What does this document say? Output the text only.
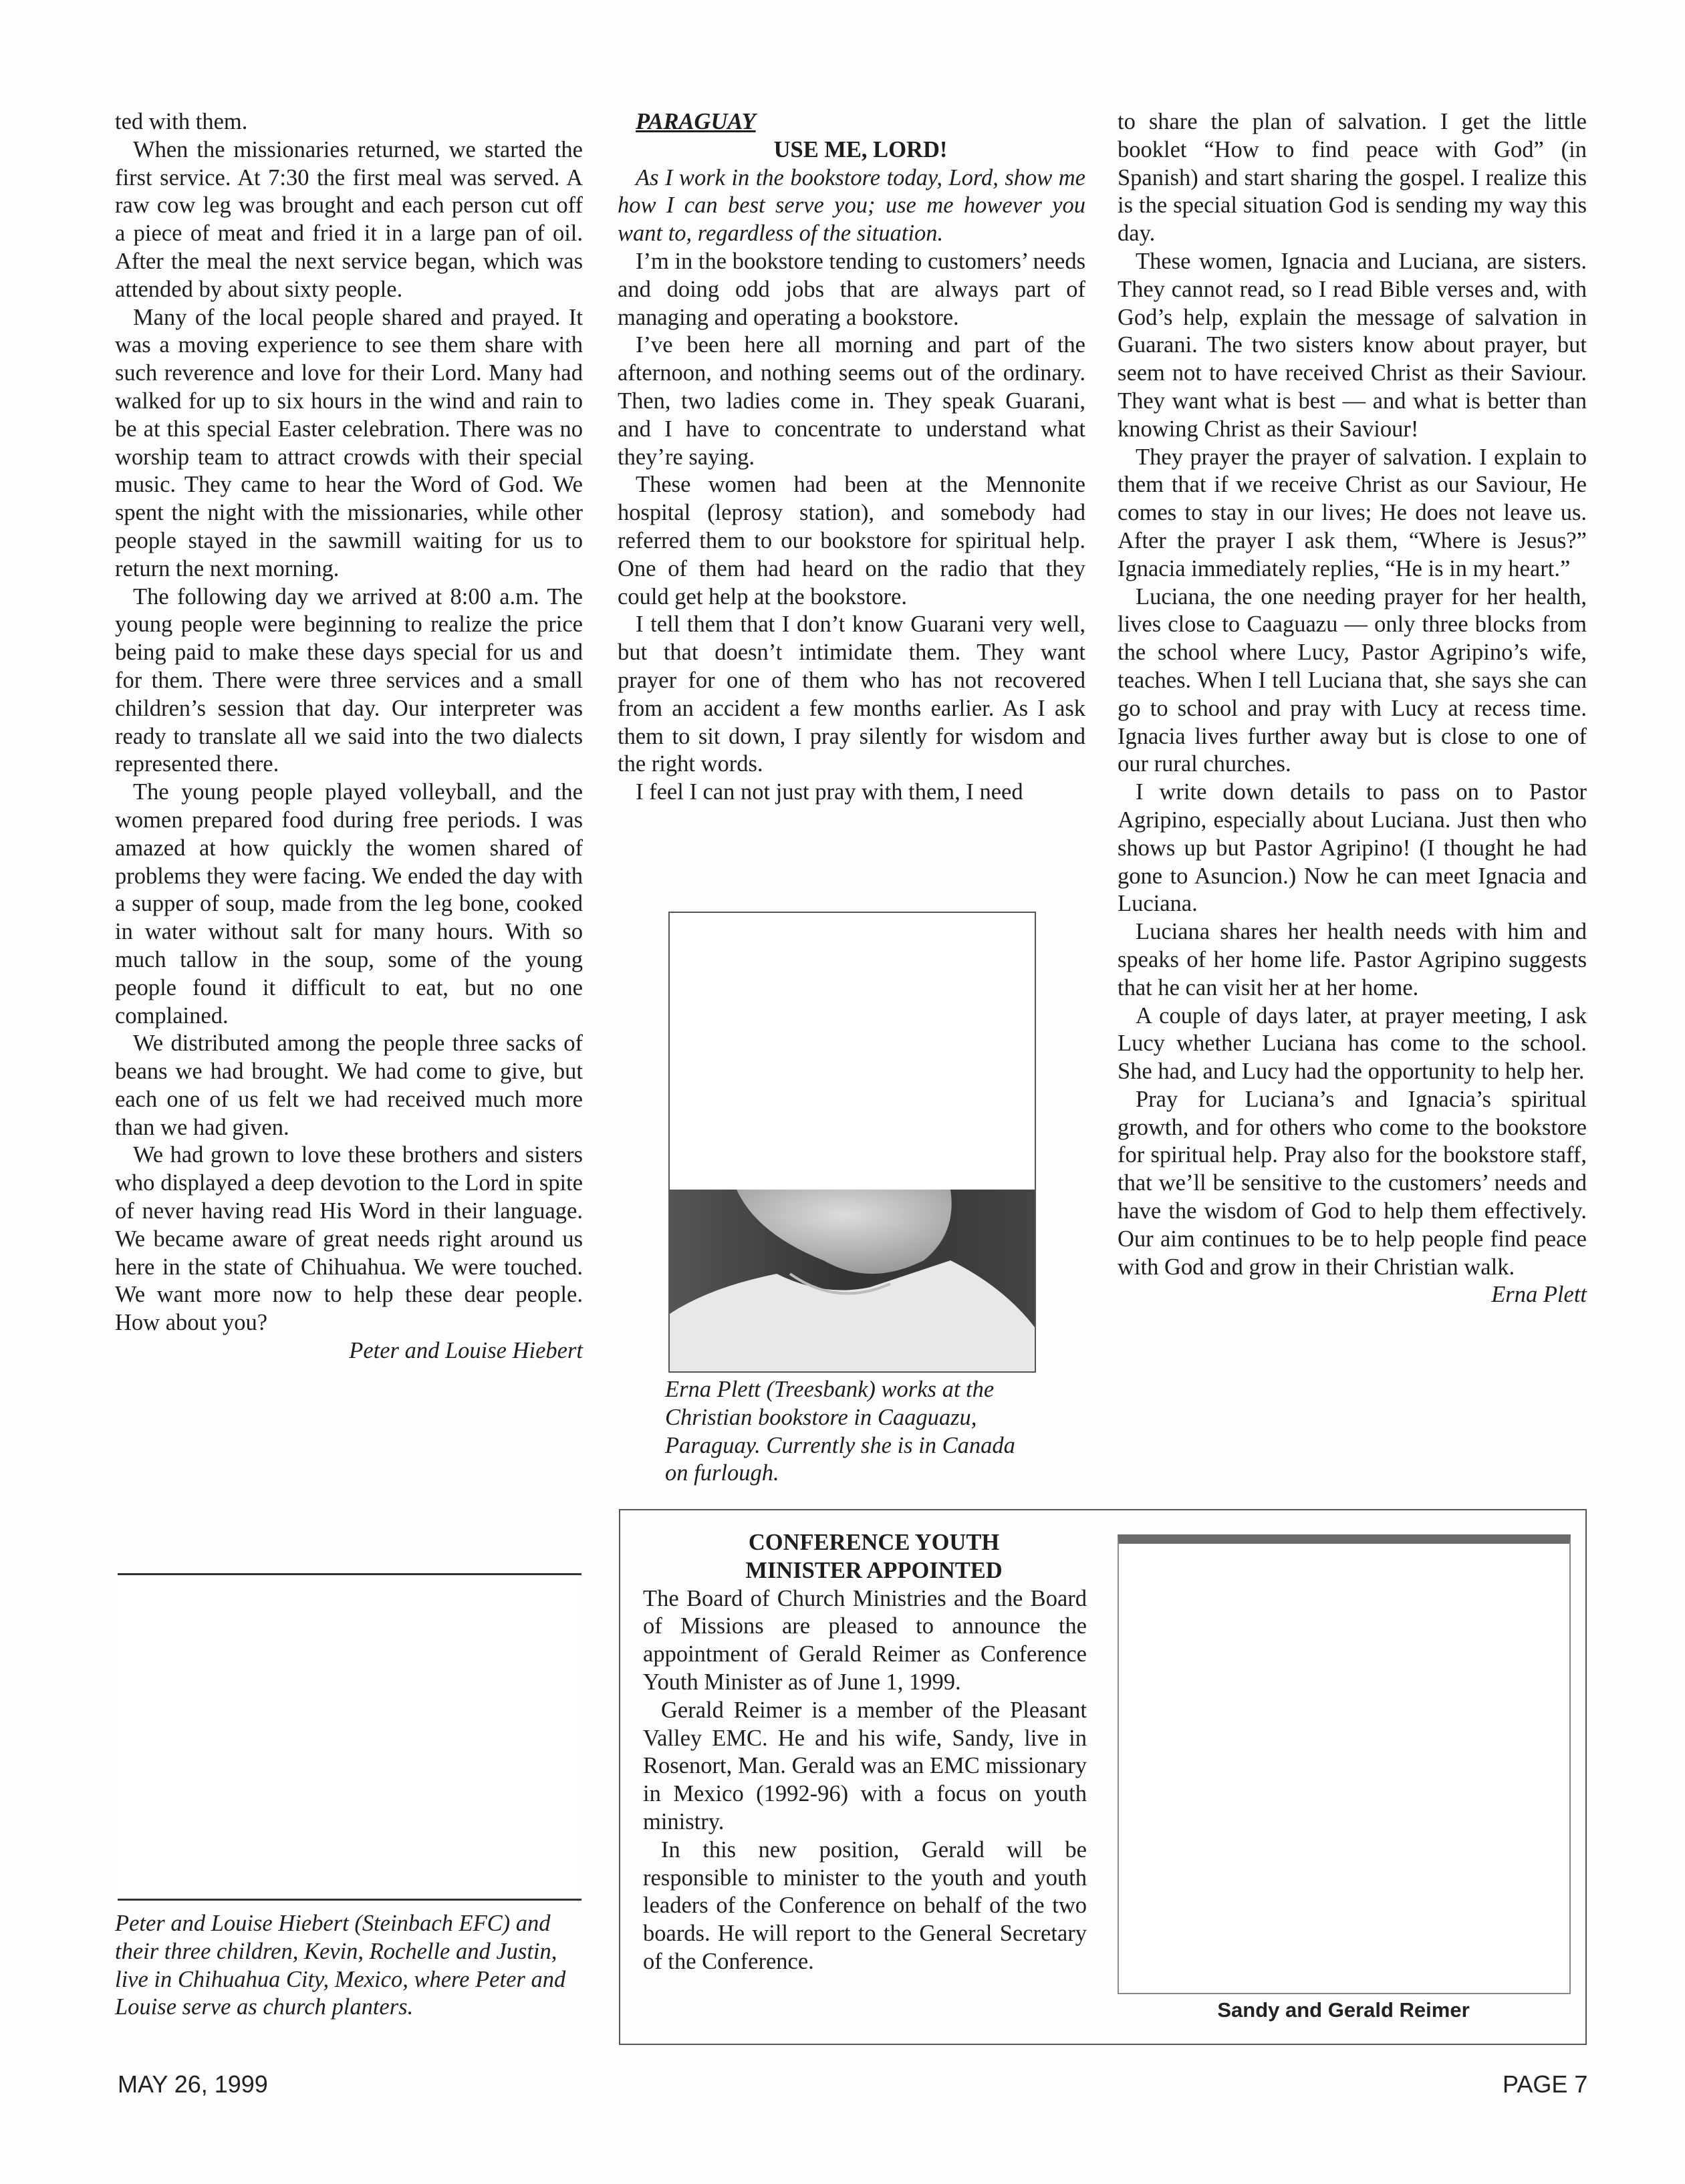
ted with them.

When the missionaries returned, we started the first service. At 7:30 the first meal was served. A raw cow leg was brought and each person cut off a piece of meat and fried it in a large pan of oil. After the meal the next service began, which was attended by about sixty people.

Many of the local people shared and prayed. It was a moving experience to see them share with such reverence and love for their Lord. Many had walked for up to six hours in the wind and rain to be at this special Easter celebration. There was no worship team to attract crowds with their special music. They came to hear the Word of God. We spent the night with the missionaries, while other people stayed in the sawmill waiting for us to return the next morning.

The following day we arrived at 8:00 a.m. The young people were beginning to realize the price being paid to make these days special for us and for them. There were three services and a small children’s session that day. Our interpreter was ready to translate all we said into the two dialects represented there.

The young people played volleyball, and the women prepared food during free periods. I was amazed at how quickly the women shared of problems they were facing. We ended the day with a supper of soup, made from the leg bone, cooked in water without salt for many hours. With so much tallow in the soup, some of the young people found it difficult to eat, but no one complained.

We distributed among the people three sacks of beans we had brought. We had come to give, but each one of us felt we had received much more than we had given.

We had grown to love these brothers and sisters who displayed a deep devotion to the Lord in spite of never having read His Word in their language. We became aware of great needs right around us here in the state of Chihuahua. We were touched. We want more now to help these dear people. How about you?

Peter and Louise Hiebert

Peter and Louise Hiebert (Steinbach EFC) and their three children, Kevin, Rochelle and Justin, live in Chihuahua City, Mexico, where Peter and Louise serve as church planters.

PARAGUAY

USE ME, LORD!

As I work in the bookstore today, Lord, show me how I can best serve you; use me however you want to, regardless of the situation.

I’m in the bookstore tending to customers’ needs and doing odd jobs that are always part of managing and operating a bookstore.

I’ve been here all morning and part of the afternoon, and nothing seems out of the ordinary. Then, two ladies come in. They speak Guarani, and I have to concentrate to understand what they’re saying.

These women had been at the Mennonite hospital (leprosy station), and somebody had referred them to our bookstore for spiritual help. One of them had heard on the radio that they could get help at the bookstore.

I tell them that I don’t know Guarani very well, but that doesn’t intimidate them. They want prayer for one of them who has not recovered from an accident a few months earlier. As I ask them to sit down, I pray silently for wisdom and the right words.

I feel I can not just pray with them, I need

Erna Plett (Treesbank) works at the Christian bookstore in Caaguazu, Paraguay. Currently she is in Canada on furlough.

to share the plan of salvation. I get the little booklet “How to find peace with God” (in Spanish) and start sharing the gospel. I realize this is the special situation God is sending my way this day.

These women, Ignacia and Luciana, are sisters. They cannot read, so I read Bible verses and, with God’s help, explain the message of salvation in Guarani. The two sisters know about prayer, but seem not to have received Christ as their Saviour. They want what is best — and what is better than knowing Christ as their Saviour!

They prayer the prayer of salvation. I explain to them that if we receive Christ as our Saviour, He comes to stay in our lives; He does not leave us. After the prayer I ask them, “Where is Jesus?” Ignacia immediately replies, “He is in my heart.”

Luciana, the one needing prayer for her health, lives close to Caaguazu — only three blocks from the school where Lucy, Pastor Agripino’s wife, teaches. When I tell Luciana that, she says she can go to school and pray with Lucy at recess time. Ignacia lives further away but is close to one of our rural churches.

I write down details to pass on to Pastor Agripino, especially about Luciana. Just then who shows up but Pastor Agripino! (I thought he had gone to Asuncion.) Now he can meet Ignacia and Luciana.

Luciana shares her health needs with him and speaks of her home life. Pastor Agripino suggests that he can visit her at her home.

A couple of days later, at prayer meeting, I ask Lucy whether Luciana has come to the school. She had, and Lucy had the opportunity to help her.

Pray for Luciana’s and Ignacia’s spiritual growth, and for others who come to the bookstore for spiritual help. Pray also for the bookstore staff, that we’ll be sensitive to the customers’ needs and have the wisdom of God to help them effectively. Our aim continues to be to help people find peace with God and grow in their Christian walk.

Erna Plett

CONFERENCE YOUTH

MINISTER APPOINTED

The Board of Church Ministries and the Board of Missions are pleased to announce the appointment of Gerald Reimer as Conference Youth Minister as of June 1, 1999.

Gerald Reimer is a member of the Pleasant Valley EMC. He and his wife, Sandy, live in Rosenort, Man. Gerald was an EMC missionary in Mexico (1992-96) with a focus on youth ministry.

In this new position, Gerald will be responsible to minister to the youth and youth leaders of the Conference on behalf of the two boards. He will report to the General Secretary of the Conference.

Sandy and Gerald Reimer
MAY 26, 1999	PAGE 7
